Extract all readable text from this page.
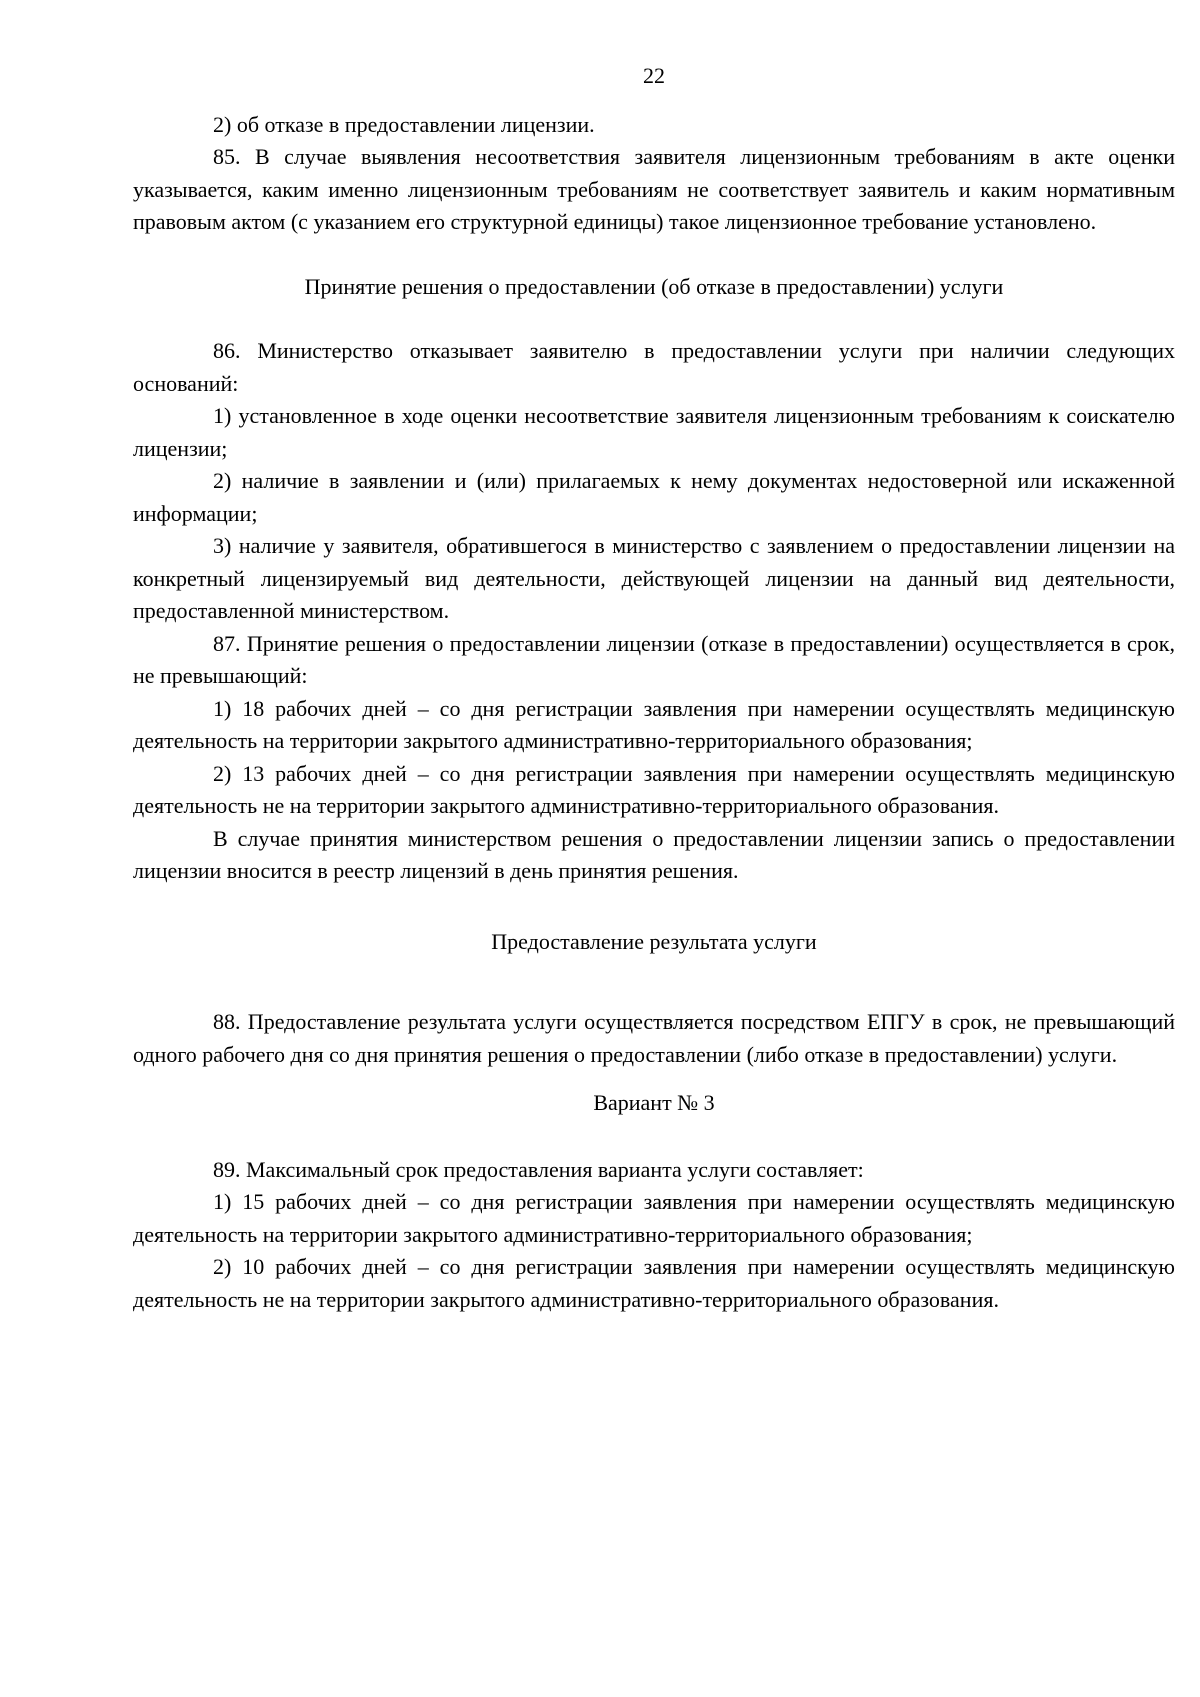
22

2) об отказе в предоставлении лицензии.

85. В случае выявления несоответствия заявителя лицензионным требованиям в акте оценки указывается, каким именно лицензионным требованиям не соответствует заявитель и каким нормативным правовым актом (с указанием его структурной единицы) такое лицензионное требование установлено.

Принятие решения о предоставлении (об отказе в предоставлении) услуги

86. Министерство отказывает заявителю в предоставлении услуги при наличии следующих оснований:

1) установленное в ходе оценки несоответствие заявителя лицензионным требованиям к соискателю лицензии;

2) наличие в заявлении и (или) прилагаемых к нему документах недостоверной или искаженной информации;

3) наличие у заявителя, обратившегося в министерство с заявлением о предоставлении лицензии на конкретный лицензируемый вид деятельности, действующей лицензии на данный вид деятельности, предоставленной министерством.

87. Принятие решения о предоставлении лицензии (отказе в предоставлении) осуществляется в срок, не превышающий:

1) 18 рабочих дней – со дня регистрации заявления при намерении осуществлять медицинскую деятельность на территории закрытого административно-территориального образования;

2) 13 рабочих дней – со дня регистрации заявления при намерении осуществлять медицинскую деятельность не на территории закрытого административно-территориального образования.

В случае принятия министерством решения о предоставлении лицензии запись о предоставлении лицензии вносится в реестр лицензий в день принятия решения.

Предоставление результата услуги

88. Предоставление результата услуги осуществляется посредством ЕПГУ в срок, не превышающий одного рабочего дня со дня принятия решения о предоставлении (либо отказе в предоставлении) услуги.

Вариант № 3

89. Максимальный срок предоставления варианта услуги составляет:

1) 15 рабочих дней – со дня регистрации заявления при намерении осуществлять медицинскую деятельность на территории закрытого административно-территориального образования;

2) 10 рабочих дней – со дня регистрации заявления при намерении осуществлять медицинскую деятельность не на территории закрытого административно-территориального образования.
